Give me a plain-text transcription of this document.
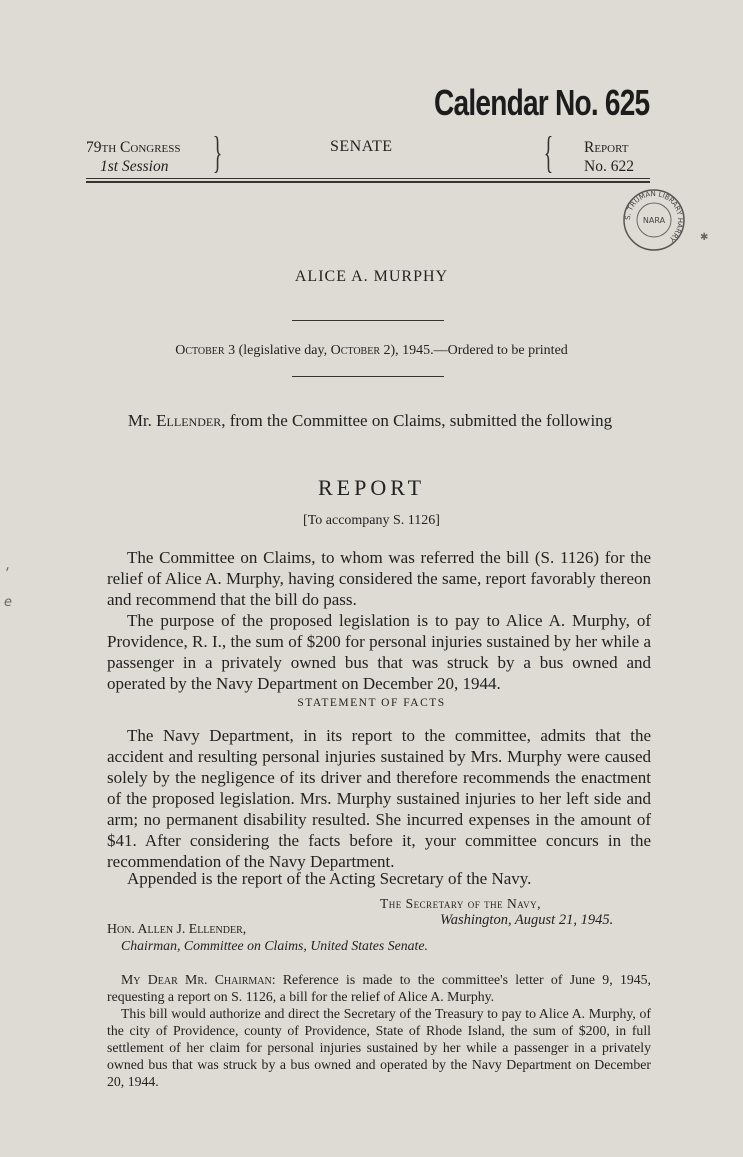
Calendar No. 625
79th Congress
1st Session }	SENATE	{ Report
No. 622
S. TRUMAN LIBRARY HARRY
NARA
✱
ALICE A. MURPHY
October 3 (legislative day, October 2), 1945.—Ordered to be printed
Mr. Ellender, from the Committee on Claims, submitted the following
REPORT
[To accompany S. 1126]

The Committee on Claims, to whom was referred the bill (S. 1126) for the relief of Alice A. Murphy, having considered the same, report favorably thereon and recommend that the bill do pass.

The purpose of the proposed legislation is to pay to Alice A. Murphy, of Providence, R. I., the sum of $200 for personal injuries sustained by her while a passenger in a privately owned bus that was struck by a bus owned and operated by the Navy Department on December 20, 1944.

STATEMENT OF FACTS

The Navy Department, in its report to the committee, admits that the accident and resulting personal injuries sustained by Mrs. Murphy were caused solely by the negligence of its driver and therefore recommends the enactment of the proposed legislation. Mrs. Murphy sustained injuries to her left side and arm; no permanent disability resulted. She incurred expenses in the amount of $41. After considering the facts before it, your committee concurs in the recommendation of the Navy Department.

Appended is the report of the Acting Secretary of the Navy.

The Secretary of the Navy,
Washington, August 21, 1945.
Hon. Allen J. Ellender,
Chairman, Committee on Claims, United States Senate.

My Dear Mr. Chairman: Reference is made to the committee's letter of June 9, 1945, requesting a report on S. 1126, a bill for the relief of Alice A. Murphy.

This bill would authorize and direct the Secretary of the Treasury to pay to Alice A. Murphy, of the city of Providence, county of Providence, State of Rhode Island, the sum of $200, in full settlement of her claim for personal injuries sustained by her while a passenger in a privately owned bus that was struck by a bus owned and operated by the Navy Department on December 20, 1944.

'
e
